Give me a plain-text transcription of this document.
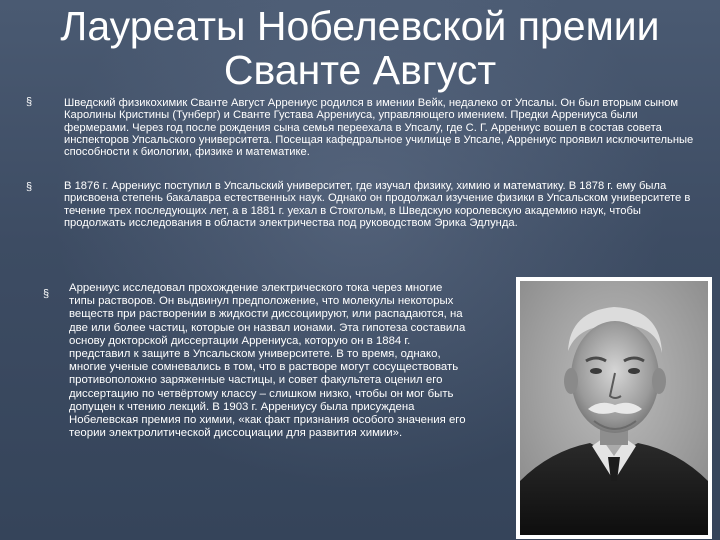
Лауреаты Нобелевской премии Сванте Август
§	Шведский физикохимик Сванте Август Аррениус родился в имении Вейк, недалеко от Упсалы. Он был вторым сыном Каролины Кристины (Тунберг) и Сванте Густава Аррениуса, управляющего имением. Предки Аррениуса были фермерами. Через год после рождения сына семья переехала в Упсалу, где С. Г. Аррениус вошел в состав совета инспекторов Упсальского университета. Посещая кафедральное училище в Упсале, Аррениус проявил исключительные способности к биологии, физике и математике.

§	В 1876 г. Аррениус поступил в Упсальский университет, где изучал физику, химию и математику. В 1878 г. ему была присвоена степень бакалавра естественных наук. Однако он продолжал изучение физики в Упсальском университете в течение трех последующих лет, а в 1881 г. уехал в Стокгольм, в Шведскую королевскую академию наук, чтобы продолжать исследования в области электричества под руководством Эрика Эдлунда.

§ Аррениус исследовал прохождение электрического тока через многие типы растворов. Он выдвинул предположение, что молекулы некоторых веществ при растворении в жидкости диссоциируют, или распадаются, на две или более частиц, которые он назвал ионами. Эта гипотеза составила основу докторской диссертации Аррениуса, которую он в 1884 г. представил к защите в Упсальском университете. В то время, однако, многие ученые сомневались в том, что в растворе могут сосуществовать противоположно заряженные частицы, и совет факультета оценил его диссертацию по четвёртому классу – слишком низко, чтобы он мог быть допущен к чтению лекций. В 1903 г. Аррениусу была присуждена Нобелевская премия по химии, «как факт признания особого значения его теории электролитической диссоциации для развития химии».
